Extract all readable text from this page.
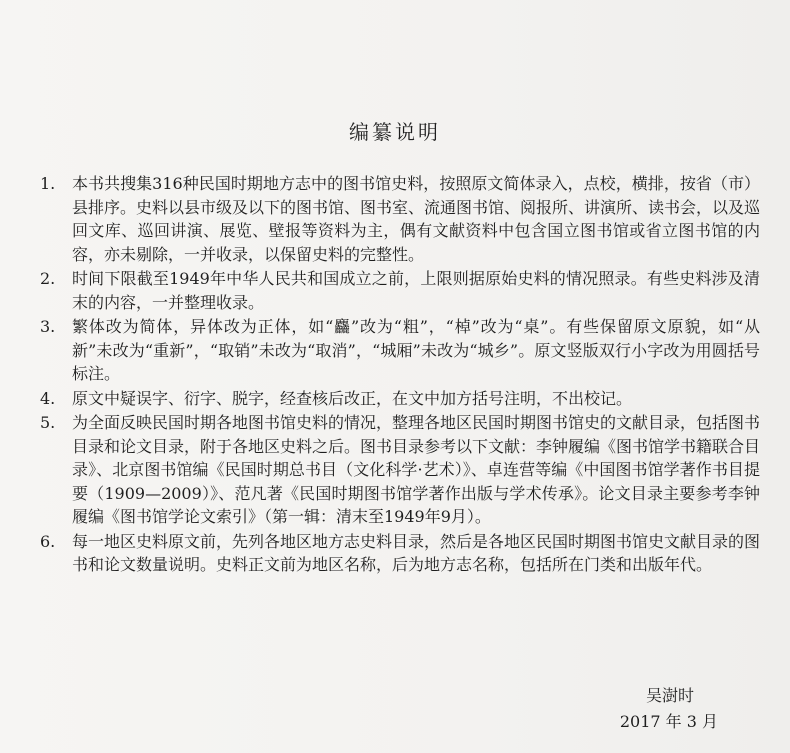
编纂说明
1.	本书共搜集316种民国时期地方志中的图书馆史料，按照原文简体录入，点校，横排，按省（市）县排序。史料以县市级及以下的图书馆、图书室、流通图书馆、阅报所、讲演所、读书会，以及巡回文库、巡回讲演、展览、壁报等资料为主，偶有文献资料中包含国立图书馆或省立图书馆的内容，亦未剔除，一并收录，以保留史料的完整性。
2.	时间下限截至1949年中华人民共和国成立之前，上限则据原始史料的情况照录。有些史料涉及清末的内容，一并整理收录。
3.	繁体改为简体，异体改为正体，如“麤”改为“粗”，“棹”改为“桌”。有些保留原文原貌，如“从新”未改为“重新”，“取销”未改为“取消”，“城厢”未改为“城乡”。原文竖版双行小字改为用圆括号标注。
4.	原文中疑误字、衍字、脱字，经查核后改正，在文中加方括号注明，不出校记。
5.	为全面反映民国时期各地图书馆史料的情况，整理各地区民国时期图书馆史的文献目录，包括图书目录和论文目录，附于各地区史料之后。图书目录参考以下文献：李钟履编《图书馆学书籍联合目录》、北京图书馆编《民国时期总书目（文化科学·艺术）》、卓连营等编《中国图书馆学著作书目提要（1909—2009）》、范凡著《民国时期图书馆学著作出版与学术传承》。论文目录主要参考李钟履编《图书馆学论文索引》（第一辑：清末至1949年9月）。
6.	每一地区史料原文前，先列各地区地方志史料目录，然后是各地区民国时期图书馆史文献目录的图书和论文数量说明。史料正文前为地区名称，后为地方志名称，包括所在门类和出版年代。
吴澍时
2017 年 3 月
